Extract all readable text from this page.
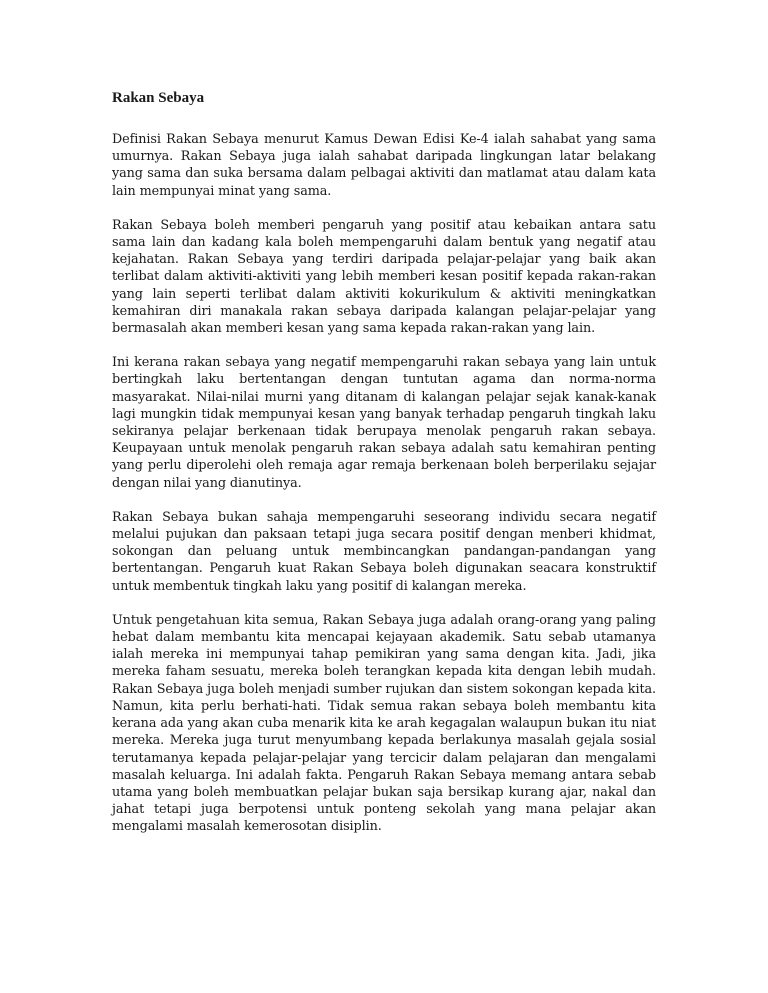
Rakan Sebaya

Definisi Rakan Sebaya menurut Kamus Dewan Edisi Ke-4 ialah sahabat yang sama umurnya. Rakan Sebaya juga ialah sahabat daripada lingkungan latar belakang yang sama dan suka bersama dalam pelbagai aktiviti dan matlamat atau dalam kata lain mempunyai minat yang sama.

Rakan Sebaya boleh memberi pengaruh yang positif atau kebaikan antara satu sama lain dan kadang kala boleh mempengaruhi dalam bentuk yang negatif atau kejahatan. Rakan Sebaya yang terdiri daripada pelajar-pelajar yang baik akan terlibat dalam aktiviti-aktiviti yang lebih memberi kesan positif kepada rakan-rakan yang lain seperti terlibat dalam aktiviti kokurikulum & aktiviti meningkatkan kemahiran diri manakala rakan sebaya daripada kalangan pelajar-pelajar yang bermasalah akan memberi kesan yang sama kepada rakan-rakan yang lain.

Ini kerana rakan sebaya yang negatif mempengaruhi rakan sebaya yang lain untuk bertingkah laku bertentangan dengan tuntutan agama dan norma-norma masyarakat. Nilai-nilai murni yang ditanam di kalangan pelajar sejak kanak-kanak lagi mungkin tidak mempunyai kesan yang banyak terhadap pengaruh tingkah laku sekiranya pelajar berkenaan tidak berupaya menolak pengaruh rakan sebaya. Keupayaan untuk menolak pengaruh rakan sebaya adalah satu kemahiran penting yang perlu diperolehi oleh remaja agar remaja berkenaan boleh berperilaku sejajar dengan nilai yang dianutinya.

Rakan Sebaya bukan sahaja mempengaruhi seseorang individu secara negatif melalui pujukan dan paksaan tetapi juga secara positif dengan menberi khidmat, sokongan dan peluang untuk membincangkan pandangan-pandangan yang bertentangan. Pengaruh kuat Rakan Sebaya boleh digunakan seacara konstruktif untuk membentuk tingkah laku yang positif di kalangan mereka.

Untuk pengetahuan kita semua, Rakan Sebaya juga adalah orang-orang yang paling hebat dalam membantu kita mencapai kejayaan akademik. Satu sebab utamanya ialah mereka ini mempunyai tahap pemikiran yang sama dengan kita. Jadi, jika mereka faham sesuatu, mereka boleh terangkan kepada kita dengan lebih mudah. Rakan Sebaya juga boleh menjadi sumber rujukan dan sistem sokongan kepada kita. Namun, kita perlu berhati-hati. Tidak semua rakan sebaya boleh membantu kita kerana ada yang akan cuba menarik kita ke arah kegagalan walaupun bukan itu niat mereka. Mereka juga turut menyumbang kepada berlakunya masalah gejala sosial terutamanya kepada pelajar-pelajar yang tercicir dalam pelajaran dan mengalami masalah keluarga. Ini adalah fakta. Pengaruh Rakan Sebaya memang antara sebab utama yang boleh membuatkan pelajar bukan saja bersikap kurang ajar, nakal dan jahat tetapi juga berpotensi untuk ponteng sekolah yang mana pelajar akan mengalami masalah kemerosotan disiplin.
